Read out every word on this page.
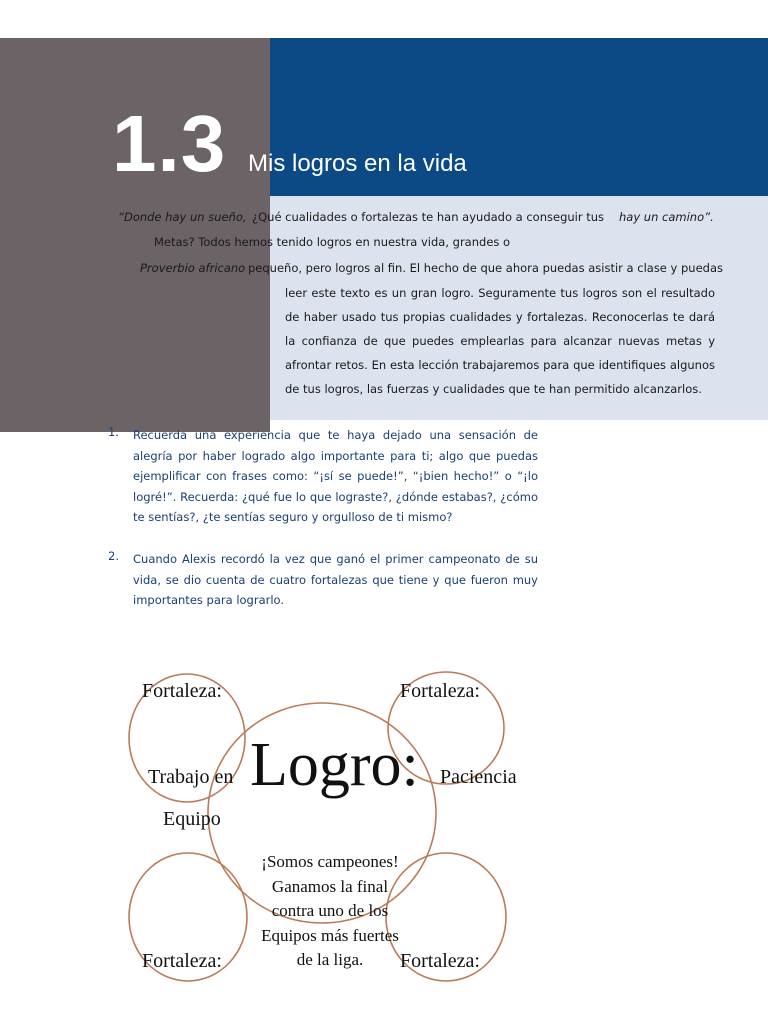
1.3 Mis logros en la vida
“Donde hay un sueño, ¿Qué cualidades o fortalezas te han ayudado a conseguir tus hay un camino”.
Metas? Todos hemos tenido logros en nuestra vida, grandes o
Proverbio africano pequeño, pero logros al fin. El hecho de que ahora puedas asistir a clase y puedas
leer este texto es un gran logro. Seguramente tus logros son el resultado de haber usado tus propias cualidades y fortalezas. Reconocerlas te dará la confianza de que puedes emplearlas para alcanzar nuevas metas y afrontar retos. En esta lección trabajaremos para que identifiques algunos de tus logros, las fuerzas y cualidades que te han permitido alcanzarlos.
1. Recuerda una experiencia que te haya dejado una sensación de alegría por haber logrado algo importante para ti; algo que puedas ejemplificar con frases como: “¡sí se puede!”, “¡bien hecho!” o “¡lo logré!”. Recuerda: ¿qué fue lo que lograste?, ¿dónde estabas?, ¿cómo te sentías?, ¿te sentías seguro y orgulloso de ti mismo?
2. Cuando Alexis recordó la vez que ganó el primer campeonato de su vida, se dio cuenta de cuatro fortalezas que tiene y que fueron muy importantes para lograrlo.
Fortaleza:	Fortaleza:
Trabajo en Logro: Paciencia
Equipo
¡Somos campeones!
Ganamos la final
contra uno de los
Equipos más fuertes
de la liga.
Fortaleza:	Fortaleza:
